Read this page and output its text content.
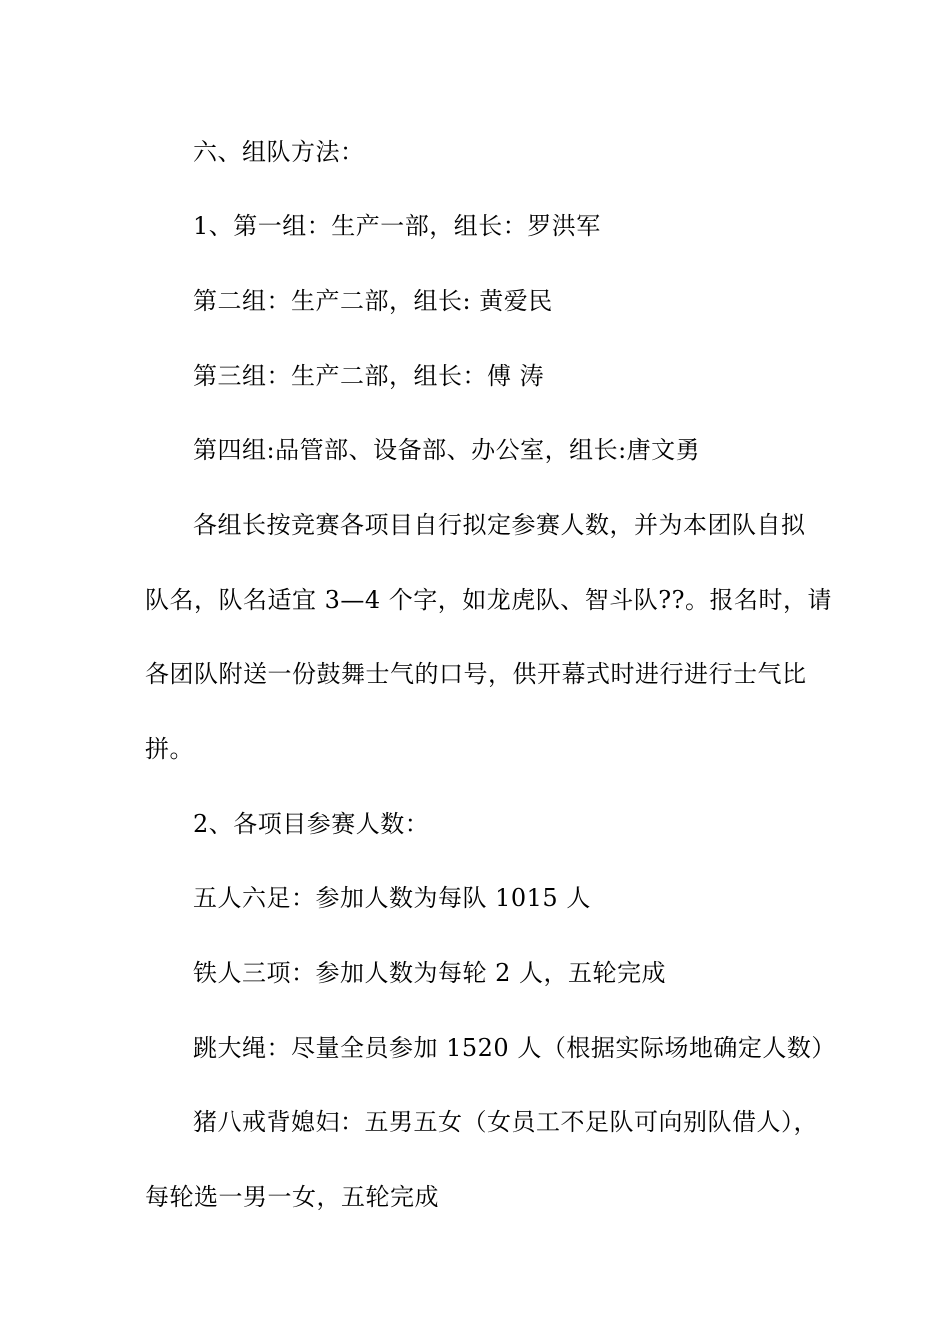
六、组队方法：
1、第一组：生产一部，组长：罗洪军
第二组：生产二部，组长: 黄爱民
第三组：生产二部，组长：傅 涛
第四组:品管部、设备部、办公室，组长:唐文勇
各组长按竞赛各项目自行拟定参赛人数，并为本团队自拟
队名，队名适宜 3—4 个字，如龙虎队、智斗队??。报名时，请
各团队附送一份鼓舞士气的口号，供开幕式时进行进行士气比
拼。
2、各项目参赛人数：
五人六足：参加人数为每队 1015 人
铁人三项：参加人数为每轮 2 人，五轮完成
跳大绳：尽量全员参加 1520 人（根据实际场地确定人数）
猪八戒背媳妇：五男五女（女员工不足队可向别队借人），
每轮选一男一女，五轮完成
